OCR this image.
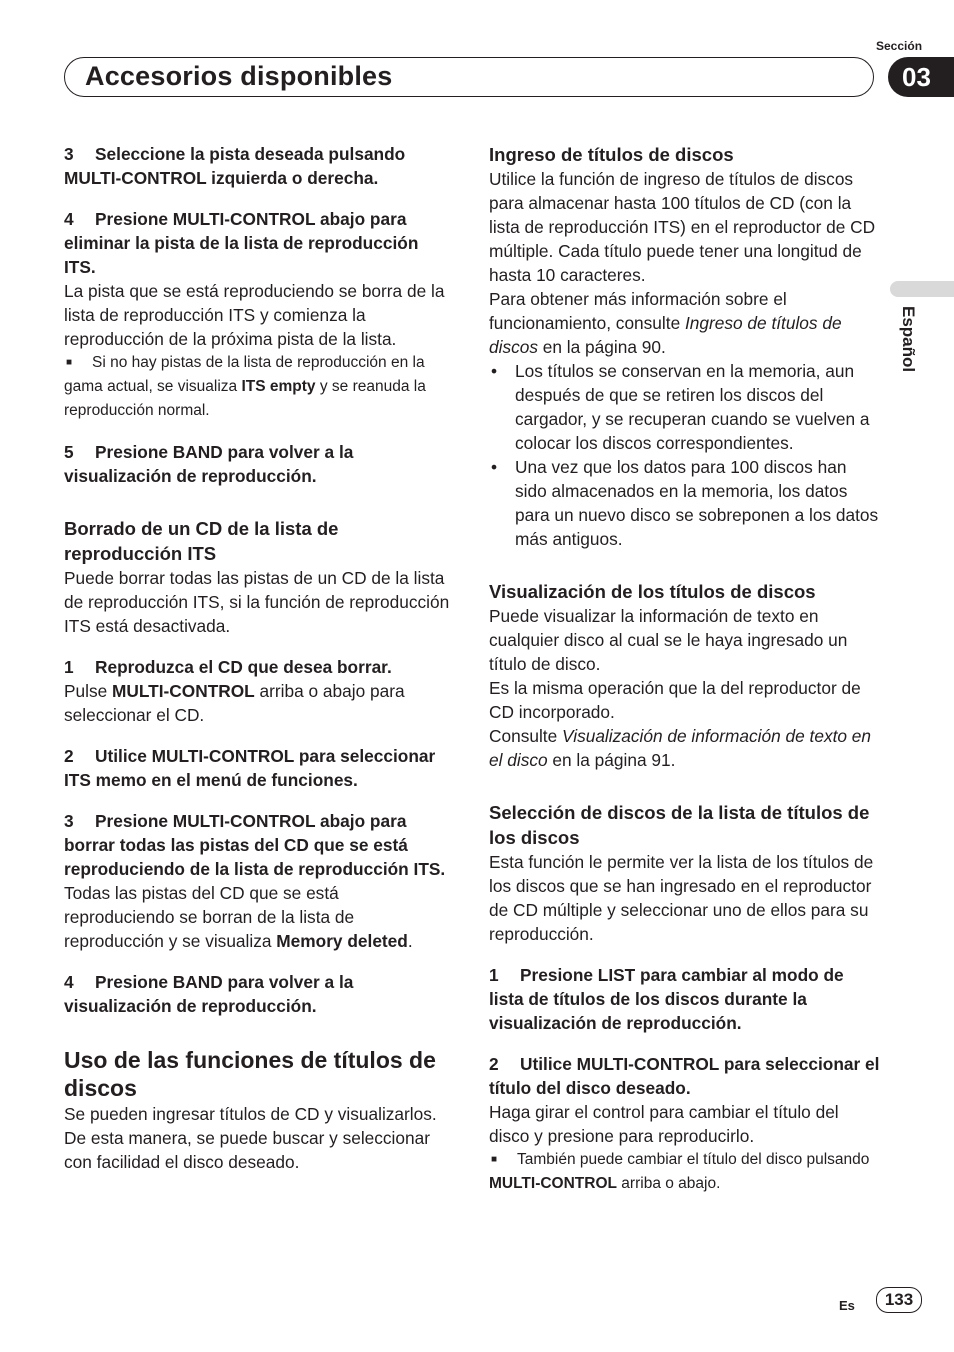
Sección
Accesorios disponibles	03
Español

3 Seleccione la pista deseada pulsando MULTI-CONTROL izquierda o derecha.

4 Presione MULTI-CONTROL abajo para eliminar la pista de la lista de reproducción ITS.

La pista que se está reproduciendo se borra de la lista de reproducción ITS y comienza la reproducción de la próxima pista de la lista.

■ Si no hay pistas de la lista de reproducción en la gama actual, se visualiza ITS empty y se reanuda la reproducción normal.

5 Presione BAND para volver a la visualización de reproducción.

Borrado de un CD de la lista de reproducción ITS

Puede borrar todas las pistas de un CD de la lista de reproducción ITS, si la función de reproducción ITS está desactivada.

1 Reproduzca el CD que desea borrar.

Pulse MULTI-CONTROL arriba o abajo para seleccionar el CD.

2 Utilice MULTI-CONTROL para seleccionar ITS memo en el menú de funciones.

3 Presione MULTI-CONTROL abajo para borrar todas las pistas del CD que se está reproduciendo de la lista de reproducción ITS.

Todas las pistas del CD que se está reproduciendo se borran de la lista de reproducción y se visualiza Memory deleted.

4 Presione BAND para volver a la visualización de reproducción.

Uso de las funciones de títulos de discos

Se pueden ingresar títulos de CD y visualizarlos. De esta manera, se puede buscar y seleccionar con facilidad el disco deseado.

Ingreso de títulos de discos

Utilice la función de ingreso de títulos de discos para almacenar hasta 100 títulos de CD (con la lista de reproducción ITS) en el reproductor de CD múltiple. Cada título puede tener una longitud de hasta 10 caracteres.

Para obtener más información sobre el funcionamiento, consulte Ingreso de títulos de discos en la página 90.

• Los títulos se conservan en la memoria, aun después de que se retiren los discos del cargador, y se recuperan cuando se vuelven a colocar los discos correspondientes.
• Una vez que los datos para 100 discos han sido almacenados en la memoria, los datos para un nuevo disco se sobreponen a los datos más antiguos.

Visualización de los títulos de discos

Puede visualizar la información de texto en cualquier disco al cual se le haya ingresado un título de disco.

Es la misma operación que la del reproductor de CD incorporado.

Consulte Visualización de información de texto en el disco en la página 91.

Selección de discos de la lista de títulos de los discos

Esta función le permite ver la lista de los títulos de los discos que se han ingresado en el reproductor de CD múltiple y seleccionar uno de ellos para su reproducción.

1 Presione LIST para cambiar al modo de lista de títulos de los discos durante la visualización de reproducción.

2 Utilice MULTI-CONTROL para seleccionar el título del disco deseado.

Haga girar el control para cambiar el título del disco y presione para reproducirlo.

■ También puede cambiar el título del disco pulsando MULTI-CONTROL arriba o abajo.

Es	133
